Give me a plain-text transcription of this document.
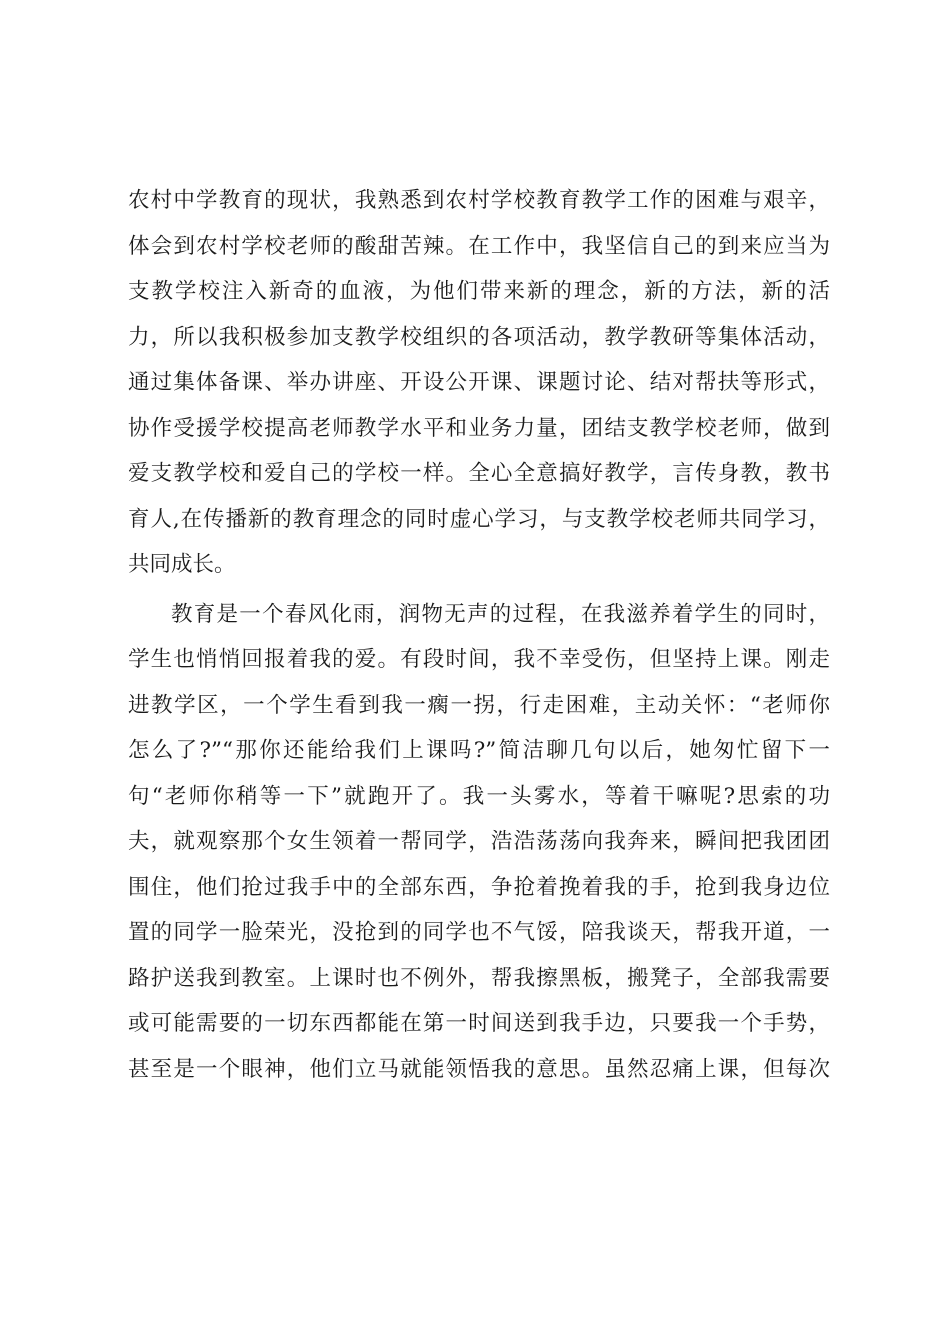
农村中学教育的现状，我熟悉到农村学校教育教学工作的困难与艰辛，
体会到农村学校老师的酸甜苦辣。在工作中，我坚信自己的到来应当为
支教学校注入新奇的血液，为他们带来新的理念，新的方法，新的活
力，所以我积极参加支教学校组织的各项活动，教学教研等集体活动，
通过集体备课、举办讲座、开设公开课、课题讨论、结对帮扶等形式，
协作受援学校提高老师教学水平和业务力量，团结支教学校老师，做到
爱支教学校和爱自己的学校一样。全心全意搞好教学，言传身教，教书
育人,在传播新的教育理念的同时虚心学习，与支教学校老师共同学习，
共同成长。
教育是一个春风化雨，润物无声的过程，在我滋养着学生的同时，
学生也悄悄回报着我的爱。有段时间，我不幸受伤，但坚持上课。刚走
进教学区，一个学生看到我一瘸一拐，行走困难，主动关怀：“老师你
怎么了?”“那你还能给我们上课吗?”简洁聊几句以后，她匆忙留下一
句“老师你稍等一下”就跑开了。我一头雾水，等着干嘛呢?思索的功
夫，就观察那个女生领着一帮同学，浩浩荡荡向我奔来，瞬间把我团团
围住，他们抢过我手中的全部东西，争抢着挽着我的手，抢到我身边位
置的同学一脸荣光，没抢到的同学也不气馁，陪我谈天，帮我开道，一
路护送我到教室。上课时也不例外，帮我擦黑板，搬凳子，全部我需要
或可能需要的一切东西都能在第一时间送到我手边，只要我一个手势，
甚至是一个眼神，他们立马就能领悟我的意思。虽然忍痛上课，但每次
